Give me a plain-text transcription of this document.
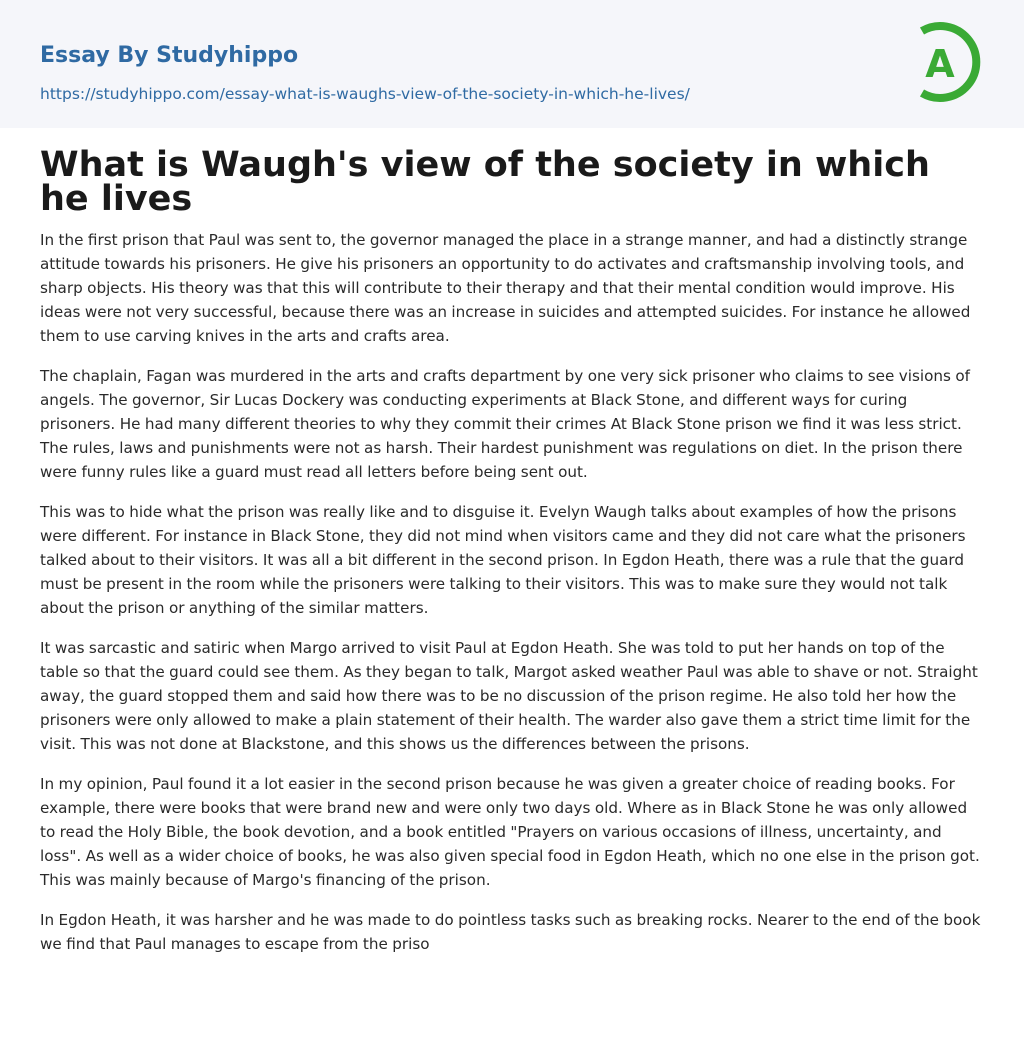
Essay By Studyhippo
https://studyhippo.com/essay-what-is-waughs-view-of-the-society-in-which-he-lives/
A
What is Waugh's view of the society in which he lives

In the first prison that Paul was sent to, the governor managed the place in a strange manner, and had a distinctly strange attitude towards his prisoners. He give his prisoners an opportunity to do activates and craftsmanship involving tools, and sharp objects. His theory was that this will contribute to their therapy and that their mental condition would improve. His ideas were not very successful, because there was an increase in suicides and attempted suicides. For instance he allowed them to use carving knives in the arts and crafts area.

The chaplain, Fagan was murdered in the arts and crafts department by one very sick prisoner who claims to see visions of angels. The governor, Sir Lucas Dockery was conducting experiments at Black Stone, and different ways for curing prisoners. He had many different theories to why they commit their crimes At Black Stone prison we find it was less strict. The rules, laws and punishments were not as harsh. Their hardest punishment was regulations on diet. In the prison there were funny rules like a guard must read all letters before being sent out.

This was to hide what the prison was really like and to disguise it. Evelyn Waugh talks about examples of how the prisons were different. For instance in Black Stone, they did not mind when visitors came and they did not care what the prisoners talked about to their visitors. It was all a bit different in the second prison. In Egdon Heath, there was a rule that the guard must be present in the room while the prisoners were talking to their visitors. This was to make sure they would not talk about the prison or anything of the similar matters.

It was sarcastic and satiric when Margo arrived to visit Paul at Egdon Heath. She was told to put her hands on top of the table so that the guard could see them. As they began to talk, Margot asked weather Paul was able to shave or not. Straight away, the guard stopped them and said how there was to be no discussion of the prison regime. He also told her how the prisoners were only allowed to make a plain statement of their health. The warder also gave them a strict time limit for the visit. This was not done at Blackstone, and this shows us the differences between the prisons.

In my opinion, Paul found it a lot easier in the second prison because he was given a greater choice of reading books. For example, there were books that were brand new and were only two days old. Where as in Black Stone he was only allowed to read the Holy Bible, the book devotion, and a book entitled "Prayers on various occasions of illness, uncertainty, and loss". As well as a wider choice of books, he was also given special food in Egdon Heath, which no one else in the prison got. This was mainly because of Margo's financing of the prison.

In Egdon Heath, it was harsher and he was made to do pointless tasks such as breaking rocks. Nearer to the end of the book we find that Paul manages to escape from the priso
